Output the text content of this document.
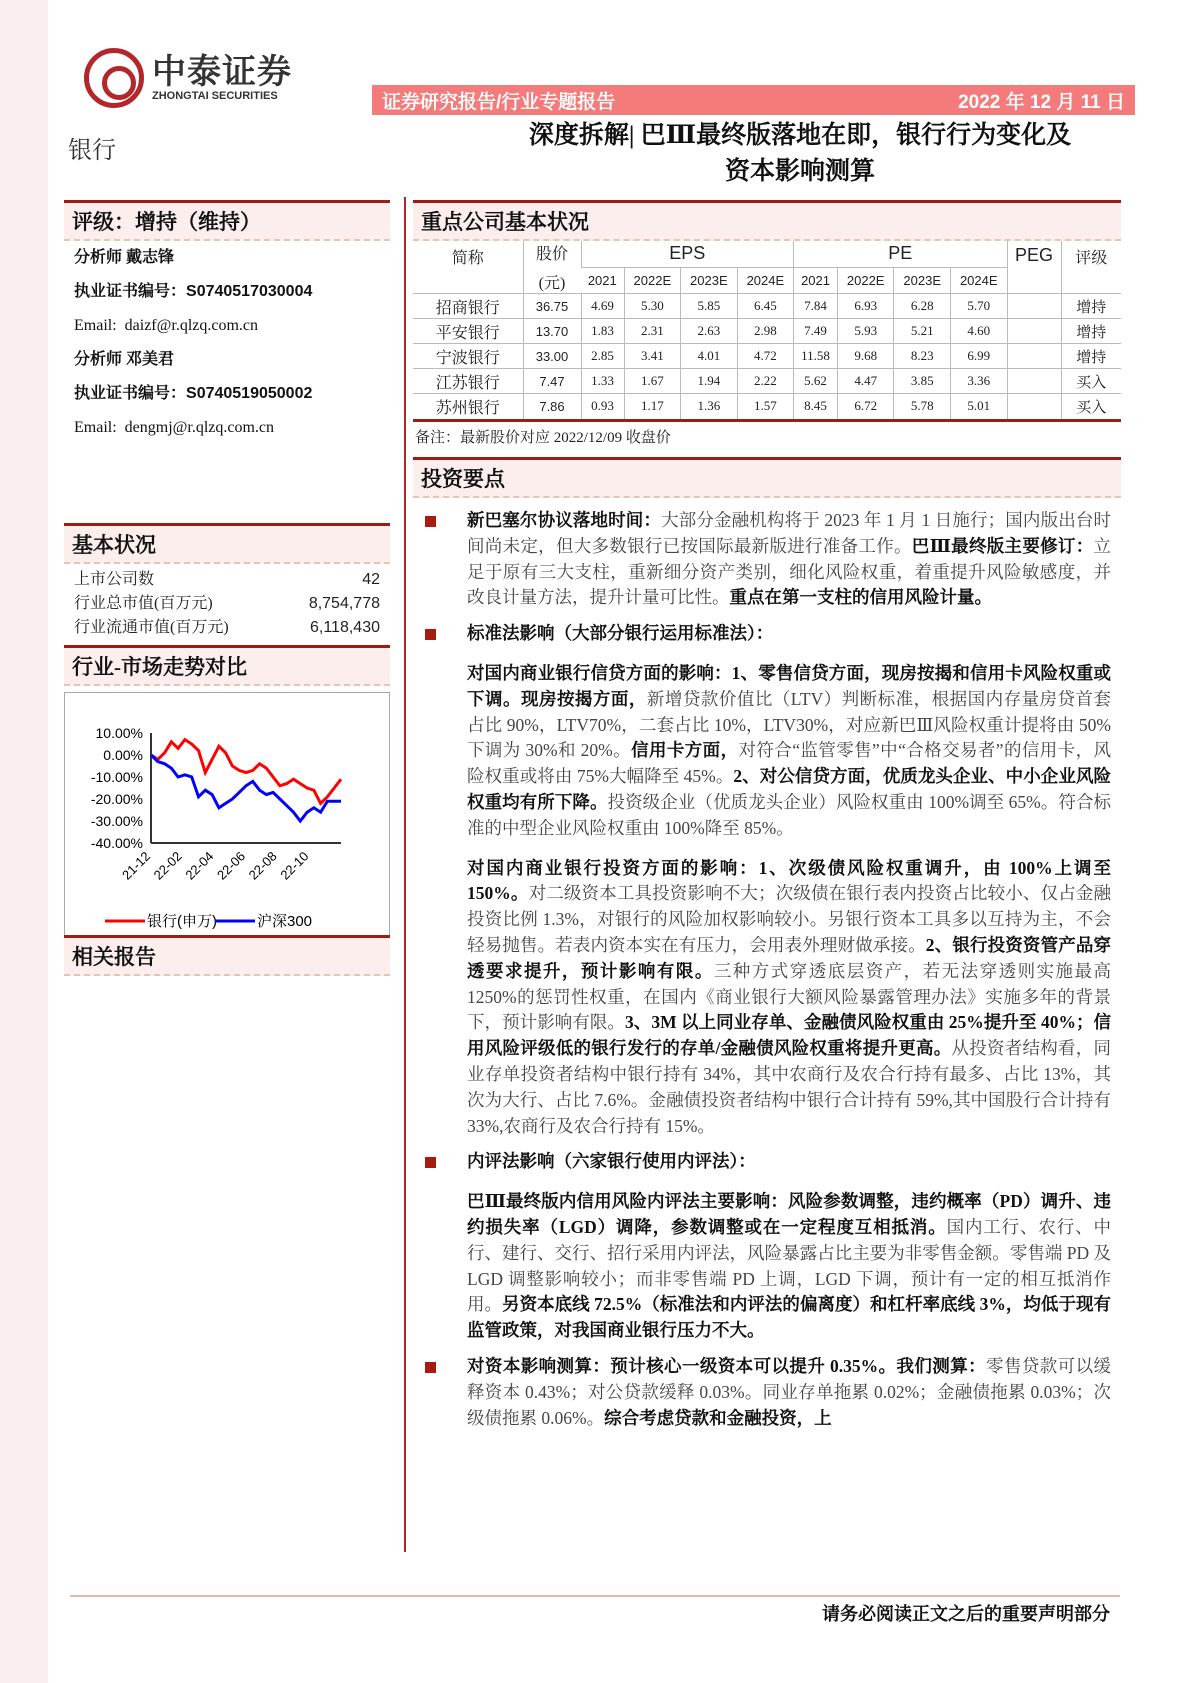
中泰证券
ZHONGTAI SECURITIES	证券研究报告/行业专题报告	2022 年 12 月 11 日
银行
深度拆解| 巴Ⅲ最终版落地在即，银行行为变化及
资本影响测算
评级：增持（维持）
分析师 戴志锋
执业证书编号：S0740517030004
Email: daizf@r.qlzq.com.cn
分析师 邓美君
执业证书编号：S0740519050002
Email: dengmj@r.qlzq.com.cn
基本状况
上市公司数	42
行业总市值(百万元)	8,754,778
行业流通市值(百万元)	6,118,430
行业-市场走势对比
10.00%
0.00%
-10.00%
-20.00%
-30.00%
-40.00%
21-12
22-02
22-04
22-06
22-08
22-10
银行(申万)	沪深300
相关报告
重点公司基本状况
简称	股价
(元)	EPS				PE				PEG	评级
		2021	2022E	2023E	2024E	2021	2022E	2023E	2024E		
招商银行	36.75	4.69	5.30	5.85	6.45	7.84	6.93	6.28	5.70		增持
平安银行	13.70	1.83	2.31	2.63	2.98	7.49	5.93	5.21	4.60		增持
宁波银行	33.00	2.85	3.41	4.01	4.72	11.58	9.68	8.23	6.99		增持
江苏银行	7.47	1.33	1.67	1.94	2.22	5.62	4.47	3.85	3.36		买入
苏州银行	7.86	0.93	1.17	1.36	1.57	8.45	6.72	5.78	5.01		买入
备注：最新股价对应 2022/12/09 收盘价
投资要点
新巴塞尔协议落地时间：大部分金融机构将于 2023 年 1 月 1 日施行；国内版出台时间尚未定，但大多数银行已按国际最新版进行准备工作。巴Ⅲ最终版主要修订：立足于原有三大支柱，重新细分资产类别，细化风险权重，着重提升风险敏感度，并改良计量方法，提升计量可比性。重点在第一支柱的信用风险计量。
标准法影响（大部分银行运用标准法）：
对国内商业银行信贷方面的影响：1、零售信贷方面，现房按揭和信用卡风险权重或下调。现房按揭方面，新增贷款价值比（LTV）判断标准，根据国内存量房贷首套占比 90%，LTV70%，二套占比 10%，LTV30%，对应新巴Ⅲ风险权重计提将由 50%下调为 30%和 20%。信用卡方面，对符合“监管零售”中“合格交易者”的信用卡，风险权重或将由 75%大幅降至 45%。2、对公信贷方面，优质龙头企业、中小企业风险权重均有所下降。投资级企业（优质龙头企业）风险权重由 100%调至 65%。符合标准的中型企业风险权重由 100%降至 85%。
对国内商业银行投资方面的影响：1、次级债风险权重调升，由 100%上调至 150%。对二级资本工具投资影响不大；次级债在银行表内投资占比较小、仅占金融投资比例 1.3%，对银行的风险加权影响较小。另银行资本工具多以互持为主，不会轻易抛售。若表内资本实在有压力，会用表外理财做承接。2、银行投资资管产品穿透要求提升，预计影响有限。三种方式穿透底层资产，若无法穿透则实施最高 1250%的惩罚性权重，在国内《商业银行大额风险暴露管理办法》实施多年的背景下，预计影响有限。3、3M 以上同业存单、金融债风险权重由 25%提升至 40%；信用风险评级低的银行发行的存单/金融债风险权重将提升更高。从投资者结构看，同业存单投资者结构中银行持有 34%，其中农商行及农合行持有最多、占比 13%，其次为大行、占比 7.6%。金融债投资者结构中银行合计持有 59%,其中国股行合计持有 33%,农商行及农合行持有 15%。
内评法影响（六家银行使用内评法）：
巴Ⅲ最终版内信用风险内评法主要影响：风险参数调整，违约概率（PD）调升、违约损失率（LGD）调降，参数调整或在一定程度互相抵消。国内工行、农行、中行、建行、交行、招行采用内评法，风险暴露占比主要为非零售金额。零售端 PD 及 LGD 调整影响较小；而非零售端 PD 上调，LGD 下调，预计有一定的相互抵消作用。另资本底线 72.5%（标准法和内评法的偏离度）和杠杆率底线 3%，均低于现有监管政策，对我国商业银行压力不大。
对资本影响测算：预计核心一级资本可以提升 0.35%。我们测算：零售贷款可以缓释资本 0.43%；对公贷款缓释 0.03%。同业存单拖累 0.02%；金融债拖累 0.03%；次级债拖累 0.06%。综合考虑贷款和金融投资，上
请务必阅读正文之后的重要声明部分
